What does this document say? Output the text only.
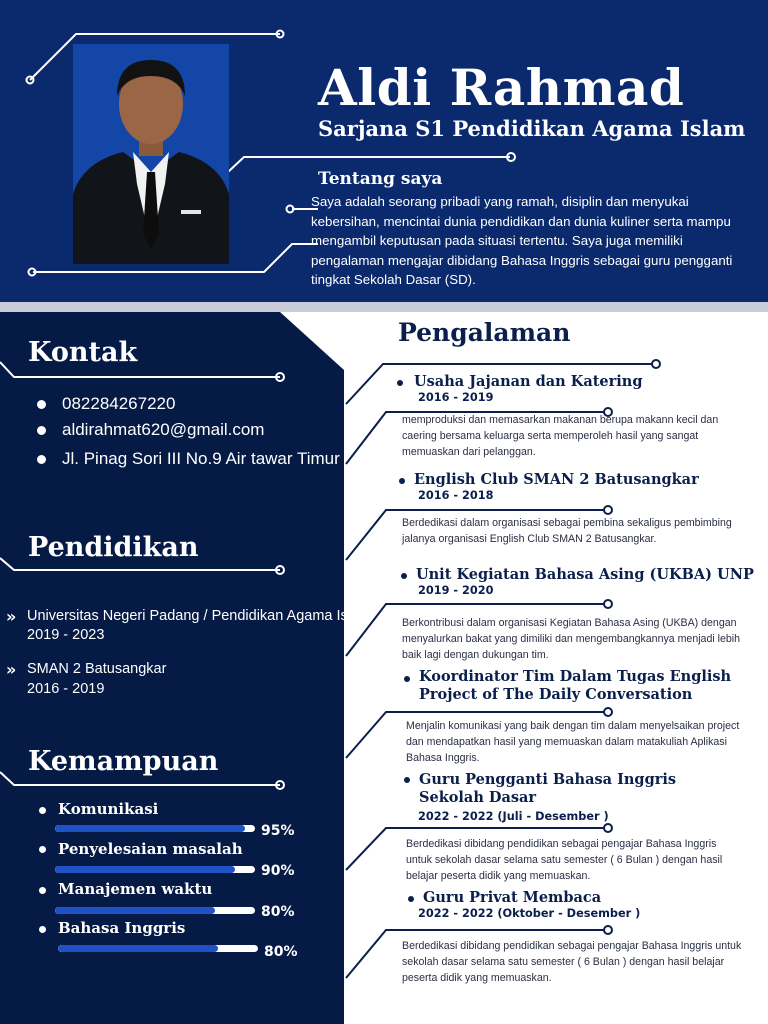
Aldi Rahmad
Sarjana S1 Pendidikan Agama Islam
Tentang saya
Saya adalah seorang pribadi yang ramah, disiplin dan menyukai kebersihan, mencintai dunia pendidikan dan dunia kuliner serta mampu mengambil keputusan pada situasi tertentu. Saya juga memiliki pengalaman mengajar dibidang Bahasa Inggris sebagai guru pengganti tingkat Sekolah Dasar (SD).
Kontak
082284267220
aldirahmat620@gmail.com
Jl. Pinag Sori III No.9 Air tawar Timur
Pendidikan
» Universitas Negeri Padang / Pendidikan Agama Islam
2019 - 2023
» SMAN 2 Batusangkar
2016 - 2019
Kemampuan
Komunikasi
95%
Penyelesaian masalah
90%
Manajemen waktu
80%
Bahasa Inggris
80%
Pengalaman
Usaha Jajanan dan Katering
2016 - 2019
memproduksi dan memasarkan makanan berupa makann kecil dan caering bersama keluarga serta memperoleh hasil yang sangat memuaskan dari pelanggan.
English Club SMAN 2 Batusangkar
2016 - 2018
Berdedikasi dalam organisasi sebagai pembina sekaligus pembimbing jalanya organisasi English Club SMAN 2 Batusangkar.
Unit Kegiatan Bahasa Asing (UKBA) UNP
2019 - 2020
Berkontribusi dalam organisasi Kegiatan Bahasa Asing (UKBA) dengan menyalurkan bakat yang dimiliki dan mengembangkannya menjadi lebih baik lagi dengan dukungan tim.
Koordinator Tim Dalam Tugas English Project of The Daily Conversation
Menjalin komunikasi yang baik dengan tim dalam menyelsaikan project dan mendapatkan hasil yang memuaskan dalam matakuliah Aplikasi Bahasa Inggris.
Guru Pengganti Bahasa Inggris Sekolah Dasar
2022 - 2022 (Juli - Desember )
Berdedikasi dibidang pendidikan sebagai pengajar Bahasa Inggris untuk sekolah dasar selama satu semester ( 6 Bulan ) dengan hasil belajar peserta didik yang memuaskan.
Guru Privat Membaca
2022 - 2022 (Oktober - Desember )
Berdedikasi dibidang pendidikan sebagai pengajar Bahasa Inggris untuk sekolah dasar selama satu semester ( 6 Bulan ) dengan hasil belajar peserta didik yang memuaskan.
